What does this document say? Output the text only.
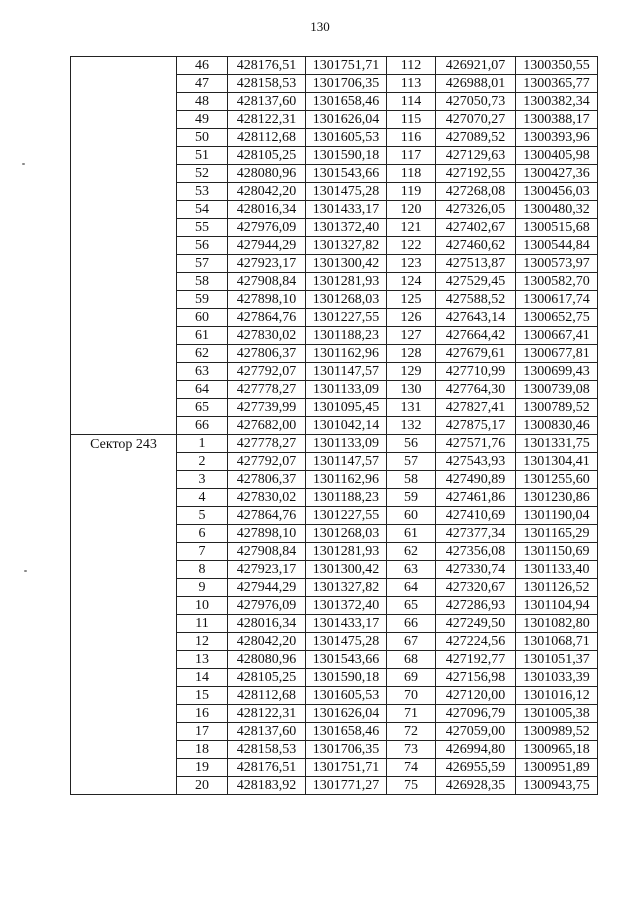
130
	46	428176,51	1301751,71	112	426921,07	1300350,55
	47	428158,53	1301706,35	113	426988,01	1300365,77
	48	428137,60	1301658,46	114	427050,73	1300382,34
	49	428122,31	1301626,04	115	427070,27	1300388,17
	50	428112,68	1301605,53	116	427089,52	1300393,96
	51	428105,25	1301590,18	117	427129,63	1300405,98
	52	428080,96	1301543,66	118	427192,55	1300427,36
	53	428042,20	1301475,28	119	427268,08	1300456,03
	54	428016,34	1301433,17	120	427326,05	1300480,32
	55	427976,09	1301372,40	121	427402,67	1300515,68
	56	427944,29	1301327,82	122	427460,62	1300544,84
	57	427923,17	1301300,42	123	427513,87	1300573,97
	58	427908,84	1301281,93	124	427529,45	1300582,70
	59	427898,10	1301268,03	125	427588,52	1300617,74
	60	427864,76	1301227,55	126	427643,14	1300652,75
	61	427830,02	1301188,23	127	427664,42	1300667,41
	62	427806,37	1301162,96	128	427679,61	1300677,81
	63	427792,07	1301147,57	129	427710,99	1300699,43
	64	427778,27	1301133,09	130	427764,30	1300739,08
	65	427739,99	1301095,45	131	427827,41	1300789,52
	66	427682,00	1301042,14	132	427875,17	1300830,46
Сектор 243	1	427778,27	1301133,09	56	427571,76	1301331,75
	2	427792,07	1301147,57	57	427543,93	1301304,41
	3	427806,37	1301162,96	58	427490,89	1301255,60
	4	427830,02	1301188,23	59	427461,86	1301230,86
	5	427864,76	1301227,55	60	427410,69	1301190,04
	6	427898,10	1301268,03	61	427377,34	1301165,29
	7	427908,84	1301281,93	62	427356,08	1301150,69
	8	427923,17	1301300,42	63	427330,74	1301133,40
	9	427944,29	1301327,82	64	427320,67	1301126,52
	10	427976,09	1301372,40	65	427286,93	1301104,94
	11	428016,34	1301433,17	66	427249,50	1301082,80
	12	428042,20	1301475,28	67	427224,56	1301068,71
	13	428080,96	1301543,66	68	427192,77	1301051,37
	14	428105,25	1301590,18	69	427156,98	1301033,39
	15	428112,68	1301605,53	70	427120,00	1301016,12
	16	428122,31	1301626,04	71	427096,79	1301005,38
	17	428137,60	1301658,46	72	427059,00	1300989,52
	18	428158,53	1301706,35	73	426994,80	1300965,18
	19	428176,51	1301751,71	74	426955,59	1300951,89
	20	428183,92	1301771,27	75	426928,35	1300943,75
